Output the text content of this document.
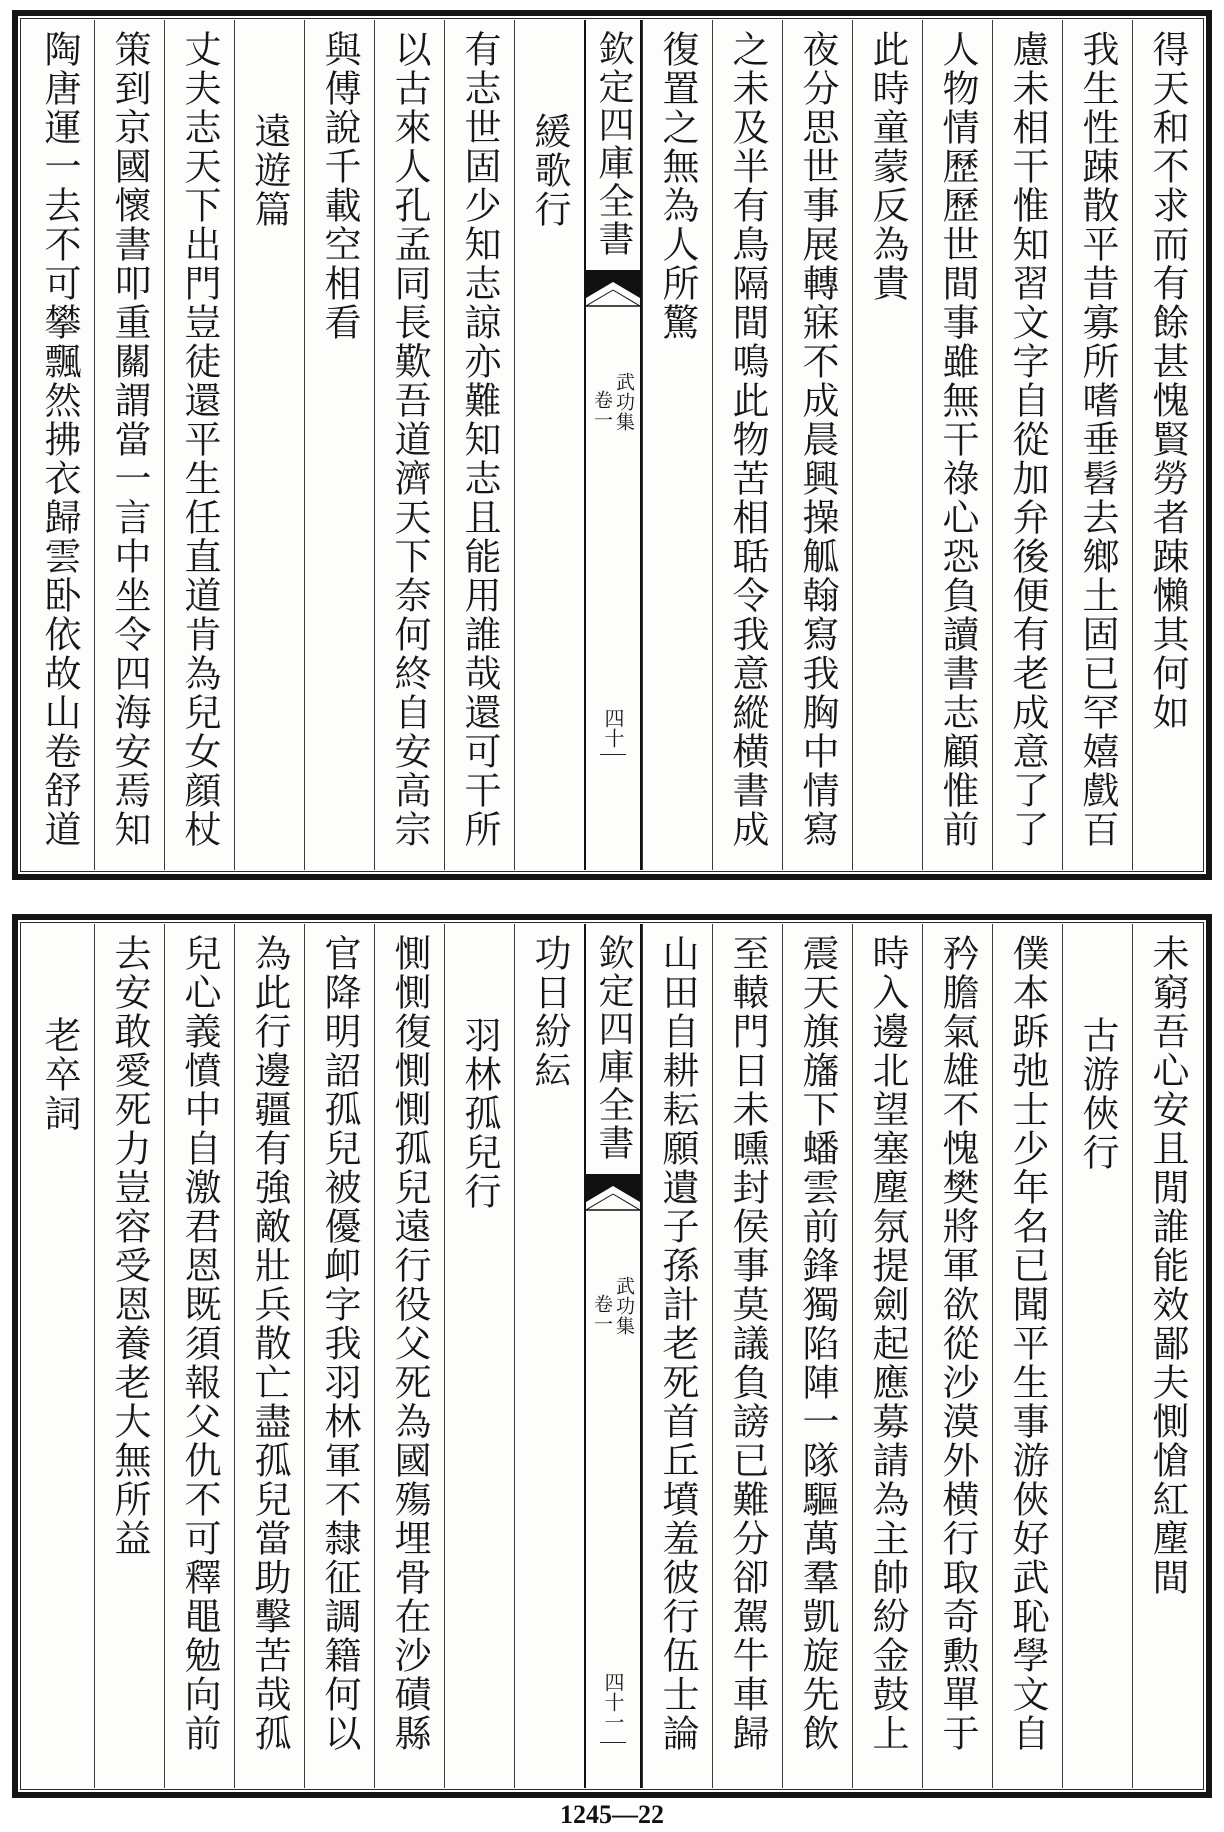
得天和不求而有餘甚愧賢勞者踈懶其何如
我生性踈散平昔寡所嗜垂髫去鄉土固已罕嬉戲百
慮未相干惟知習文字自從加弁後便有老成意了了
人物情歷歷世間事雖無干祿心恐負讀書志顧惟前
此時童蒙反為貴
夜分思世事展轉寐不成晨興操觚翰寫我胸中情寫
之未及半有鳥隔間鳴此物苦相聒令我意縱横書成
復置之無為人所驚
欽定四庫全書
武功集
卷一
四十
緩歌行
有志世固少知志諒亦難知志且能用誰哉還可干所
以古來人孔孟同長歎吾道濟天下奈何終自安高宗
與傅說千載空相看
遠遊篇
丈夫志天下出門豈徒還平生任直道肯為兒女顔杖
策到京國懷書叩重關謂當一言中坐令四海安焉知
陶唐運一去不可攀飄然拂衣歸雲卧依故山卷舒道
未窮吾心安且閒誰能效鄙夫惻愴紅塵間
古游俠行
僕本跅弛士少年名已聞平生事游俠好武恥學文自
矜膽氣雄不愧樊將軍欲從沙漠外横行取奇勲單于
時入邊北望塞塵氛提劍起應募請為主帥紛金鼓上
震天旗旛下蟠雲前鋒獨陷陣一隊驅萬羣凱旋先飲
至轅門日未曛封侯事莫議負謗已難分卻駕牛車歸
山田自耕耘願遺子孫計老死首丘墳羞彼行伍士論
欽定四庫全書
武功集
卷一
四十一
功日紛紜
羽林孤兒行
惻惻復惻惻孤兒遠行役父死為國殤埋骨在沙磧縣
官降明詔孤兒被優卹字我羽林軍不隸征調籍何以
為此行邊疆有強敵壯兵散亡盡孤兒當助擊苦哉孤
兒心義憤中自激君恩既須報父仇不可釋黽勉向前
去安敢愛死力豈容受恩養老大無所益
老卒詞
1245—22
